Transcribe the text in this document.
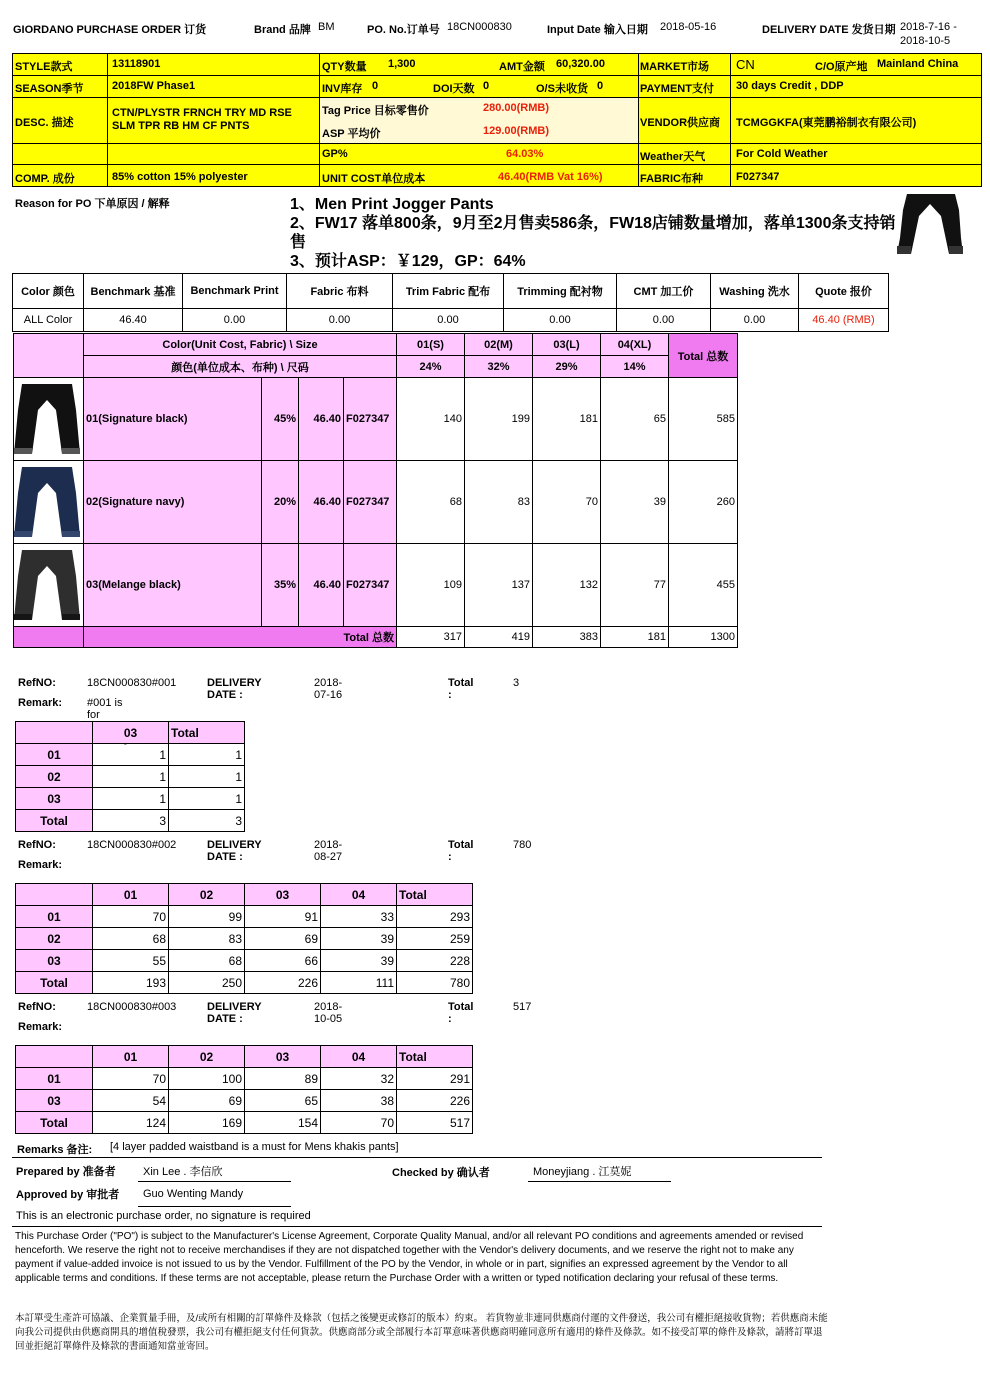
GIORDANO PURCHASE ORDER 订货	Brand 品牌 BM	PO. No.订单号 18CN000830	Input Date 输入日期 2018-05-16	DELIVERY DATE 发货日期 2018-7-16 -
2018-10-5
STYLE款式	13118901	QTY数量 1,300	AMT金额 60,320.00	MARKET市场 CN	C/O原产地 Mainland China
SEASON季节	2018FW Phase1	INV库存 0	DOI天数 0	O/S未收货 0	PAYMENT支付 30 days Credit , DDP
DESC. 描述
CTN/PLYSTR FRNCH TRY MD RSE SLM TPR RB HM CF PNTS
Tag Price 目标零售价	280.00(RMB)
ASP 平均价	129.00(RMB)
VENDOR供应商 TCMGGKFA(東莞鹏裕制衣有限公司)
GP%	64.03%	Weather天气	For Cold Weather
COMP. 成份	85% cotton 15% polyester	UNIT COST单位成本	46.40(RMB Vat 16%)	FABRIC布种	F027347
Reason for PO 下单原因 / 解释	1、Men Print Jogger Pants
2、FW17 落单800条，9月至2月售卖586条，FW18店铺数量增加，落单1300条支持销售
3、预计ASP：￥129，GP：64%
Color 颜色	Benchmark 基准	Benchmark Print	Fabric 布料	Trim Fabric 配布	Trimming 配衬物	CMT 加工价	Washing 洗水	Quote 报价
ALL Color	46.40	0.00	0.00	0.00	0.00	0.00	0.00	46.40 (RMB)
	Color(Unit Cost, Fabric) \ Size				01(S)	02(M)	03(L)	04(XL)	Total 总数
	颜色(单位成本、布种) \ 尺码				24%	32%	29%	14%	

	01(Signature black)	45%	46.40	F027347	140	199	181	65	585

	02(Signature navy)	20%	46.40	F027347	68	83	70	39	260

	03(Melange black)	35%	46.40	F027347	109	137	132	77	455
	Total 总数				317	419	383	181	1300
RefNO:	18CN000830#001	DELIVERY DATE :
2018-07-16
Total :
3
Remark: #001 is for
	03	Total
01	1	1
02	1	1
03	1	1
Total	3	3
RefNO:	18CN000830#002	DELIVERY DATE :
2018-08-27
Total :
780
Remark:
	01	02	03	04	Total
01	70	99	91	33	293
02	68	83	69	39	259
03	55	68	66	39	228
Total	193	250	226	111	780
RefNO:	18CN000830#003	DELIVERY DATE :
2018-10-05
Total :
517
Remark:
	01	02	03	04	Total
01	70	100	89	32	291
03	54	69	65	38	226
Total	124	169	154	70	517
Remarks 备注: [4 layer padded waistband is a must for Mens khakis pants]
Prepared by 准备者 Xin Lee . 李信欣	Checked by 确认者	Moneyjiang . 江莫妮
Approved by 审批者 Guo Wenting Mandy
This is an electronic purchase order, no signature is required
This Purchase Order ("PO") is subject to the Manufacturer's License Agreement, Corporate Quality Manual, and/or all relevant PO conditions and agreements amended or revised henceforth. We reserve the right not to receive merchandises if they are not dispatched together with the Vendor's delivery documents, and we reserve the right not to make any payment if value-added invoice is not issued to us by the Vendor. Fulfillment of the PO by the Vendor, in whole or in part, signifies an expressed agreement by the Vendor to all applicable terms and conditions. If these terms are not acceptable, please return the Purchase Order with a written or typed notification declaring your refusal of these terms.
本訂單受生產許可協議、企業質量手冊，及/或所有相關的訂單條件及條款（包括之後變更或修訂的版本）約束。 若貨物並非連同供應商付運的文件發送，我公司有權拒絕接收貨物；若供應商未能向我公司提供由供應商開具的增值稅發票，我公司有權拒絕支付任何貨款。供應商部分或全部履行本訂單意味著供應商明確同意所有適用的條件及條款。如不接受訂單的條件及條款，請將訂單退回並拒絕訂單條件及條款的書面通知當並寄回。
